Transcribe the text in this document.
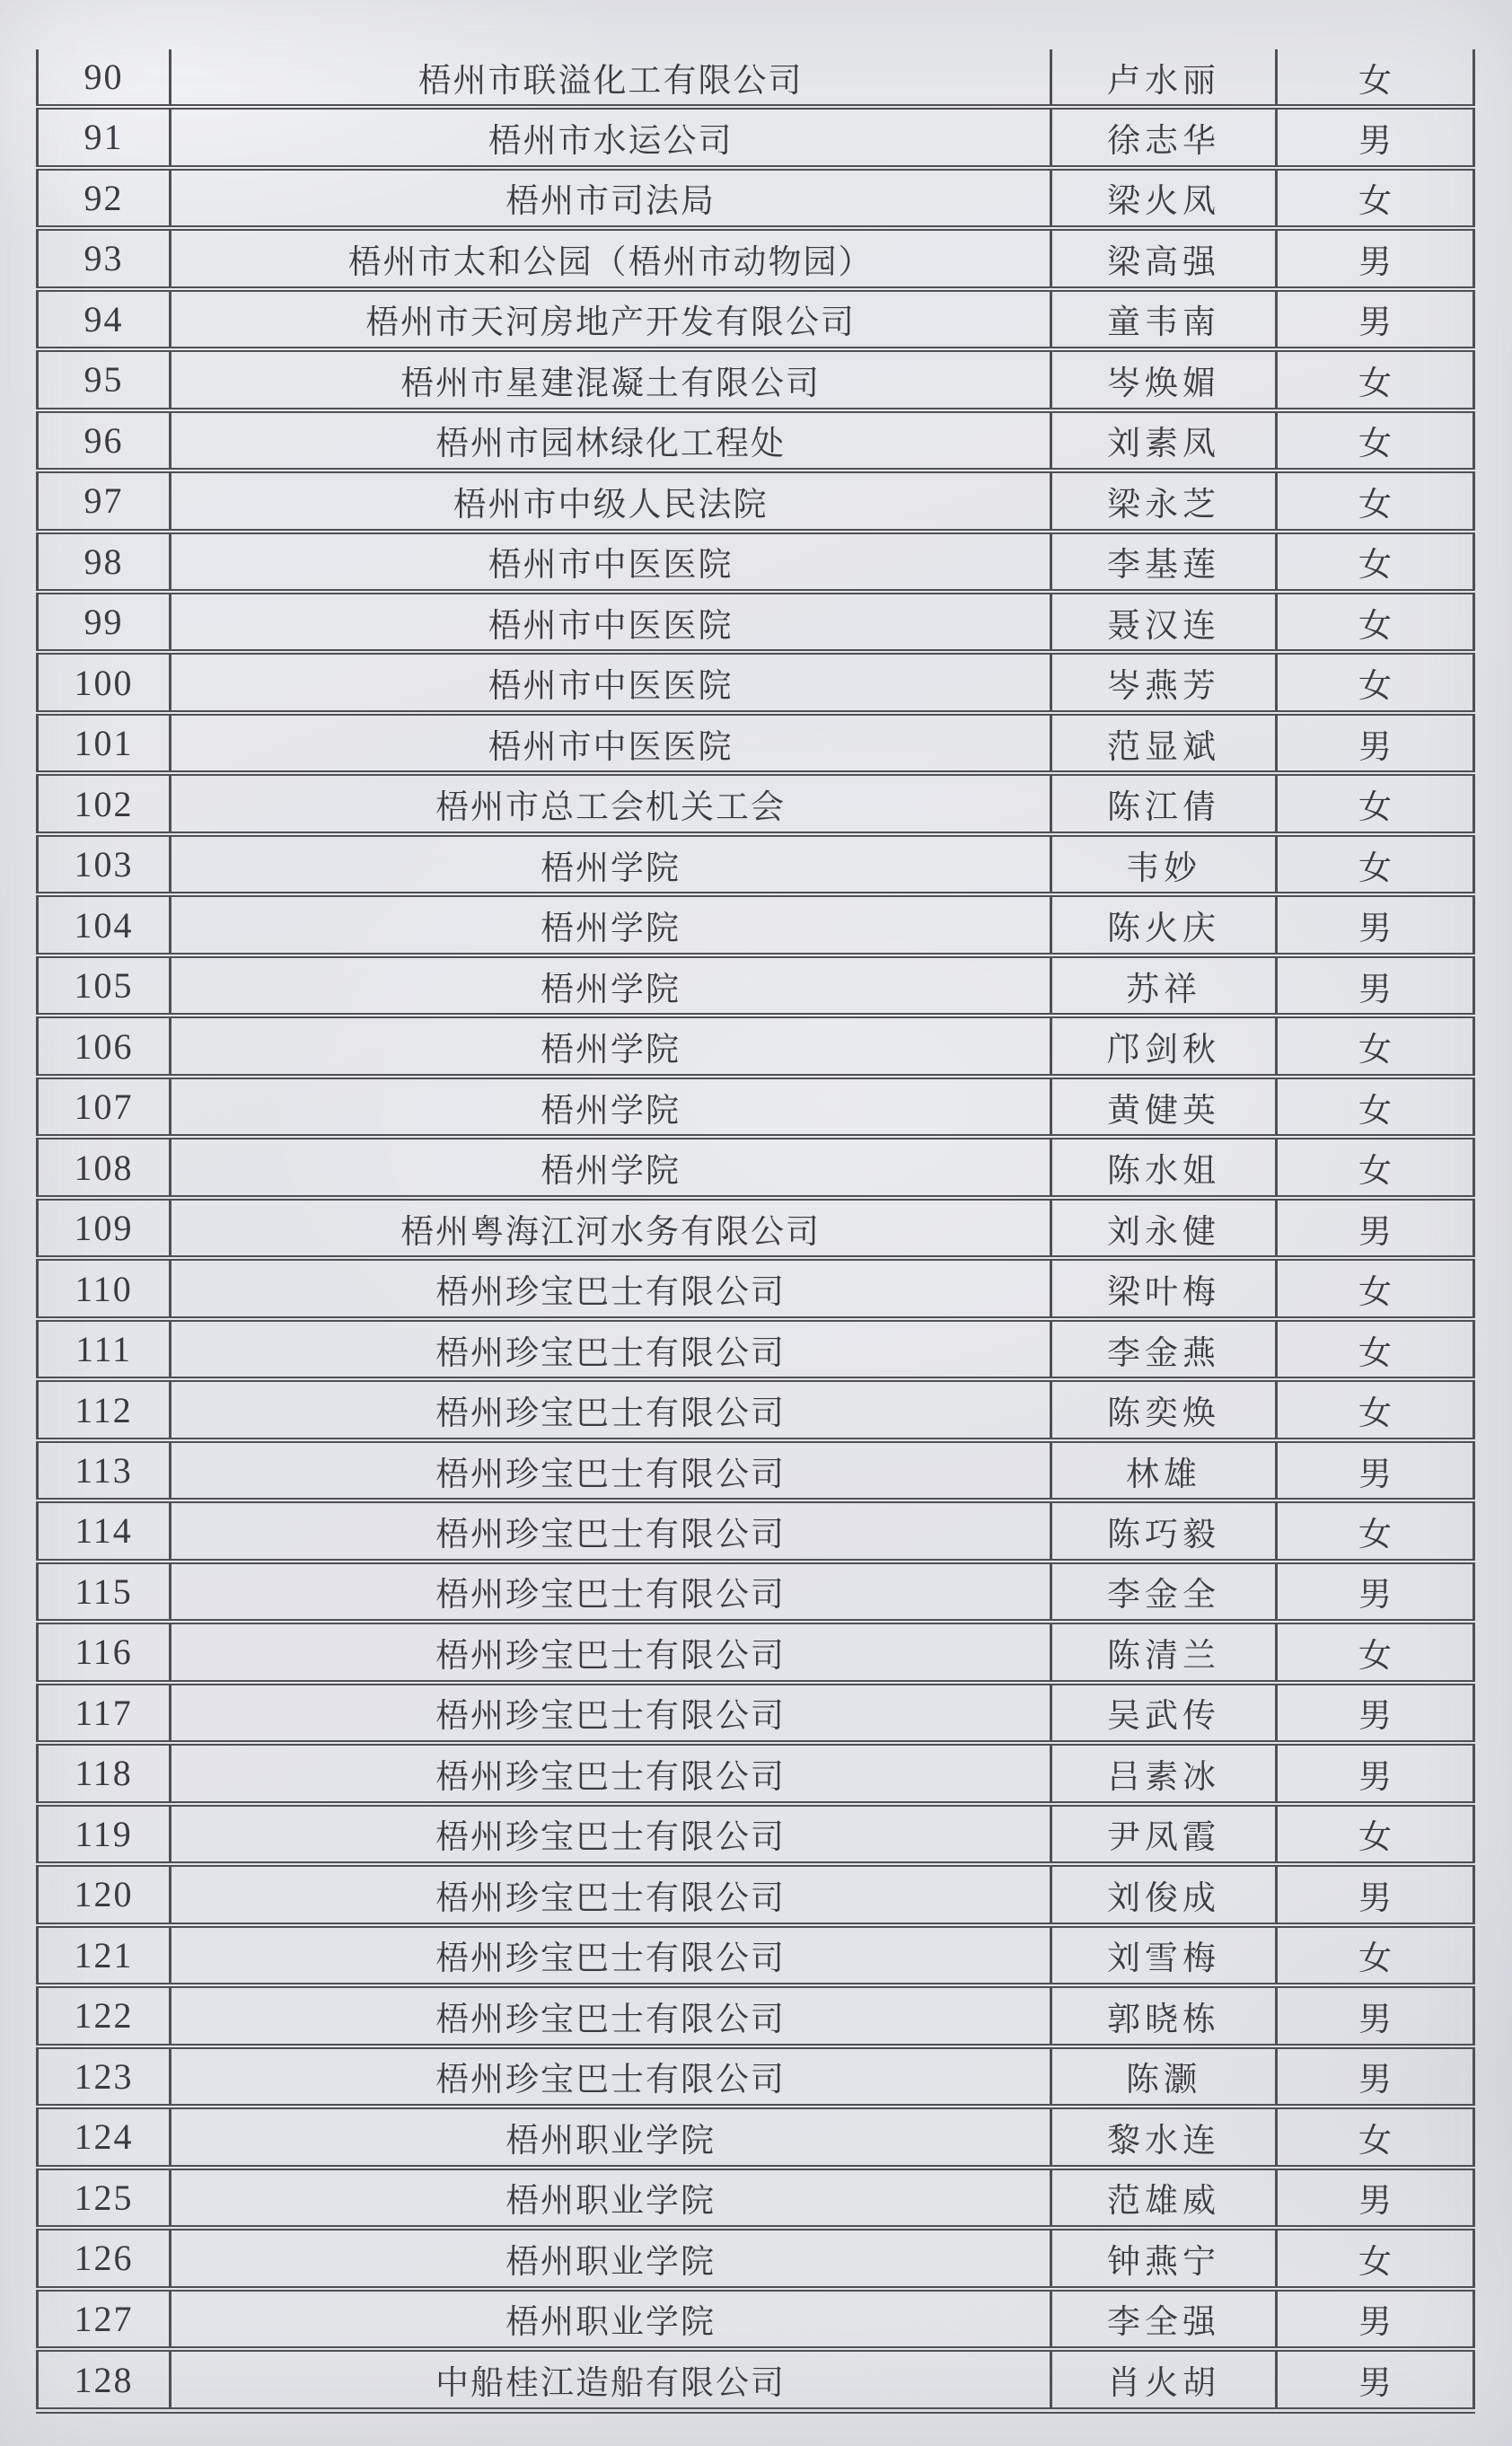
90	梧州市联溢化工有限公司	卢水丽	女
91	梧州市水运公司	徐志华	男
92	梧州市司法局	梁火凤	女
93	梧州市太和公园（梧州市动物园）	梁高强	男
94	梧州市天河房地产开发有限公司	童韦南	男
95	梧州市星建混凝土有限公司	岑焕媚	女
96	梧州市园林绿化工程处	刘素凤	女
97	梧州市中级人民法院	梁永芝	女
98	梧州市中医医院	李基莲	女
99	梧州市中医医院	聂汉连	女
100	梧州市中医医院	岑燕芳	女
101	梧州市中医医院	范显斌	男
102	梧州市总工会机关工会	陈江倩	女
103	梧州学院	韦妙	女
104	梧州学院	陈火庆	男
105	梧州学院	苏祥	男
106	梧州学院	邝剑秋	女
107	梧州学院	黄健英	女
108	梧州学院	陈水姐	女
109	梧州粤海江河水务有限公司	刘永健	男
110	梧州珍宝巴士有限公司	梁叶梅	女
111	梧州珍宝巴士有限公司	李金燕	女
112	梧州珍宝巴士有限公司	陈奕焕	女
113	梧州珍宝巴士有限公司	林雄	男
114	梧州珍宝巴士有限公司	陈巧毅	女
115	梧州珍宝巴士有限公司	李金全	男
116	梧州珍宝巴士有限公司	陈清兰	女
117	梧州珍宝巴士有限公司	吴武传	男
118	梧州珍宝巴士有限公司	吕素冰	男
119	梧州珍宝巴士有限公司	尹凤霞	女
120	梧州珍宝巴士有限公司	刘俊成	男
121	梧州珍宝巴士有限公司	刘雪梅	女
122	梧州珍宝巴士有限公司	郭晓栋	男
123	梧州珍宝巴士有限公司	陈灏	男
124	梧州职业学院	黎水连	女
125	梧州职业学院	范雄威	男
126	梧州职业学院	钟燕宁	女
127	梧州职业学院	李全强	男
128	中船桂江造船有限公司	肖火胡	男
